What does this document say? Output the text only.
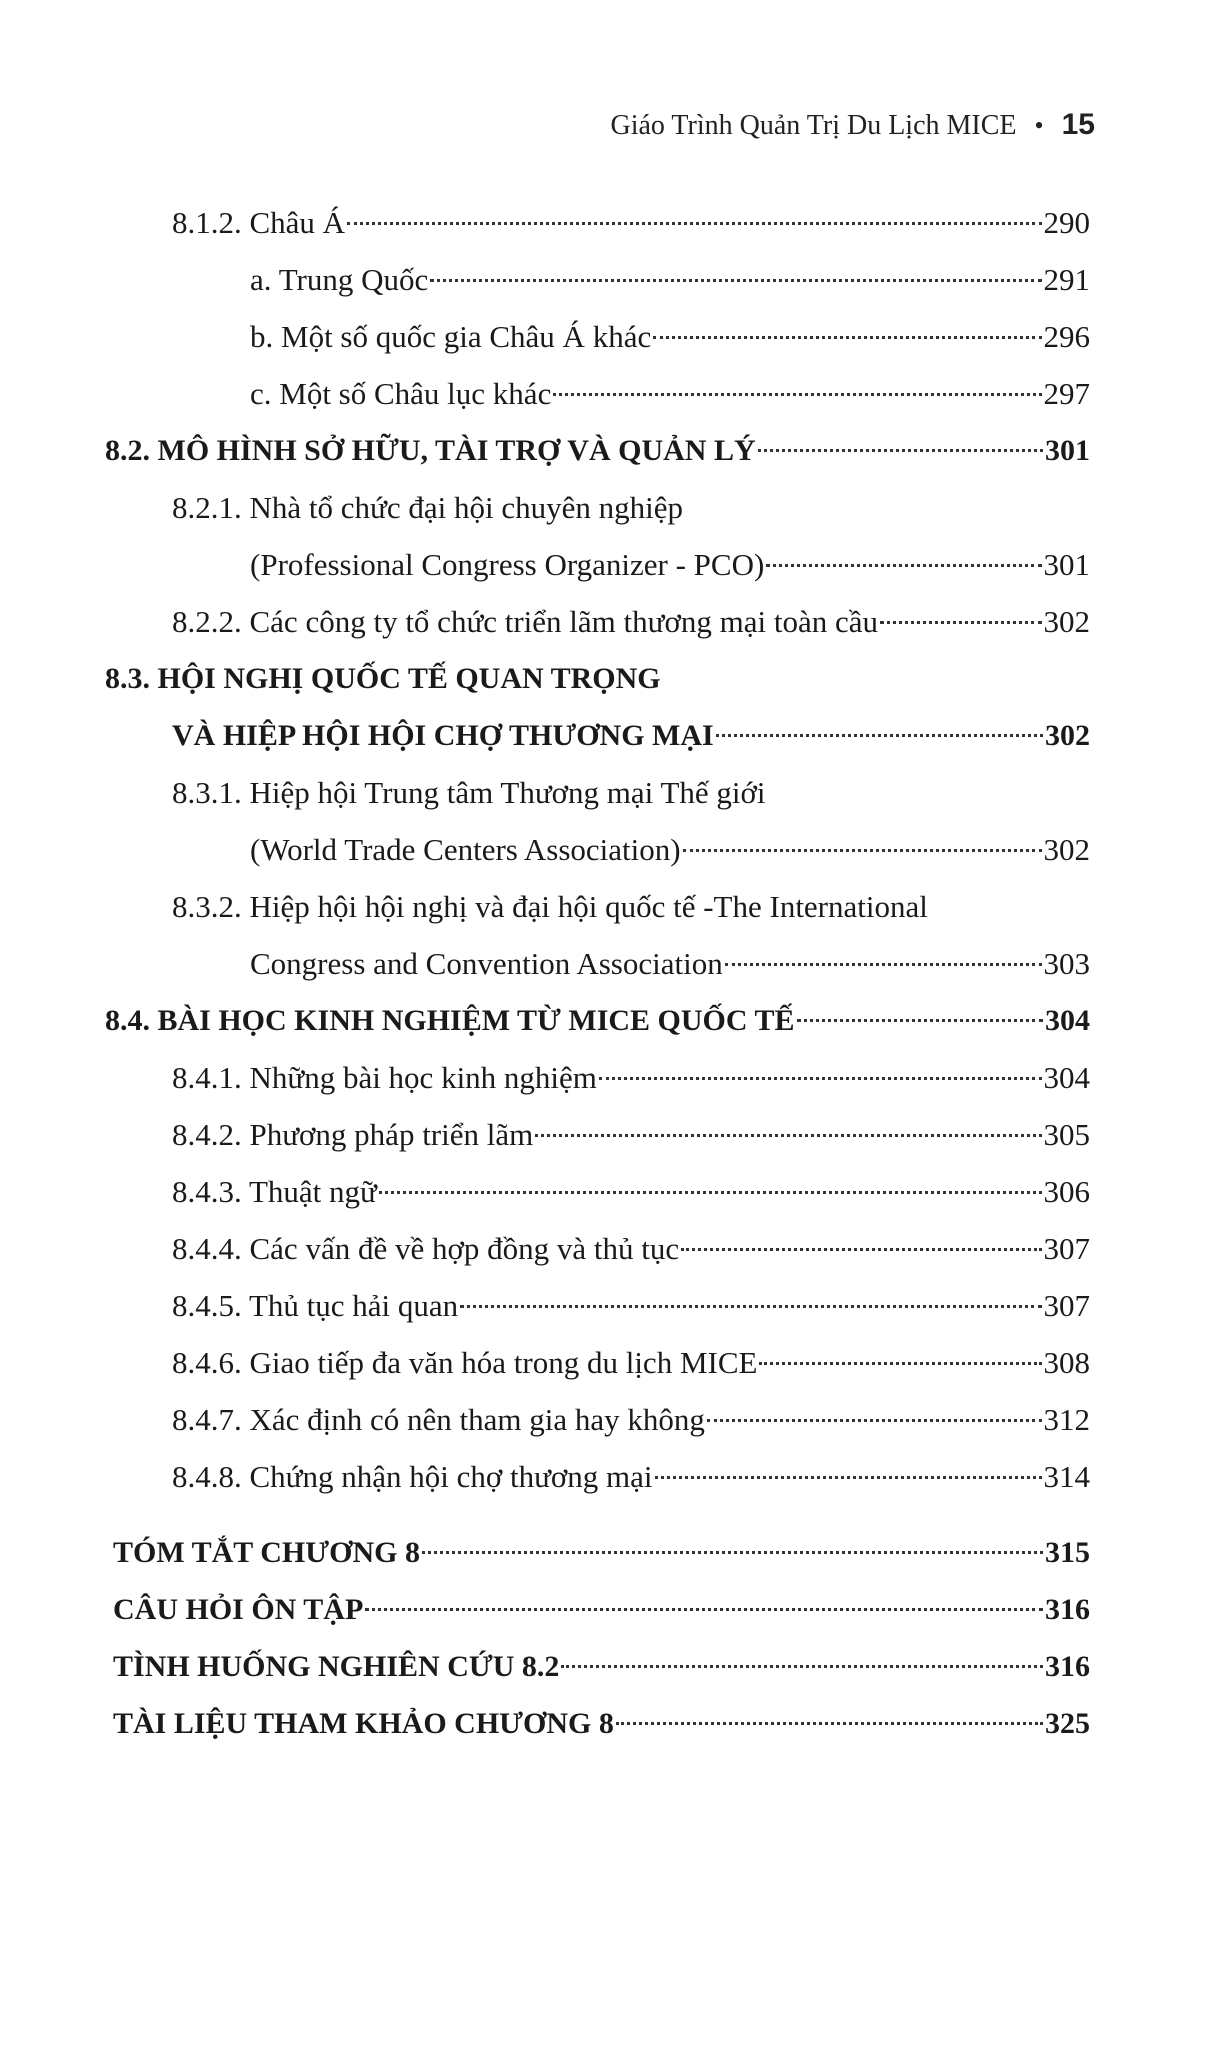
Giáo Trình Quản Trị Du Lịch MICE • 15
8.1.2. Châu Á	290
a. Trung Quốc	291
b. Một số quốc gia Châu Á khác	296
c. Một số Châu lục khác	297
8.2. MÔ HÌNH SỞ HỮU, TÀI TRỢ VÀ QUẢN LÝ	301
8.2.1. Nhà tổ chức đại hội chuyên nghiệp
(Professional Congress Organizer - PCO)	301
8.2.2. Các công ty tổ chức triển lãm thương mại toàn cầu	302
8.3. HỘI NGHỊ QUỐC TẾ QUAN TRỌNG
VÀ HIỆP HỘI HỘI CHỢ THƯƠNG MẠI	302
8.3.1. Hiệp hội Trung tâm Thương mại Thế giới
(World Trade Centers Association)	302
8.3.2. Hiệp hội hội nghị và đại hội quốc tế -The International
Congress and Convention Association	303
8.4. BÀI HỌC KINH NGHIỆM TỪ MICE QUỐC TẾ	304
8.4.1. Những bài học kinh nghiệm	304
8.4.2. Phương pháp triển lãm	305
8.4.3. Thuật ngữ	306
8.4.4. Các vấn đề về hợp đồng và thủ tục	307
8.4.5. Thủ tục hải quan	307
8.4.6. Giao tiếp đa văn hóa trong du lịch MICE	308
8.4.7. Xác định có nên tham gia hay không	312
8.4.8. Chứng nhận hội chợ thương mại	314
TÓM TẮT CHƯƠNG 8	315
CÂU HỎI ÔN TẬP	316
TÌNH HUỐNG NGHIÊN CỨU 8.2	316
TÀI LIỆU THAM KHẢO CHƯƠNG 8	325
